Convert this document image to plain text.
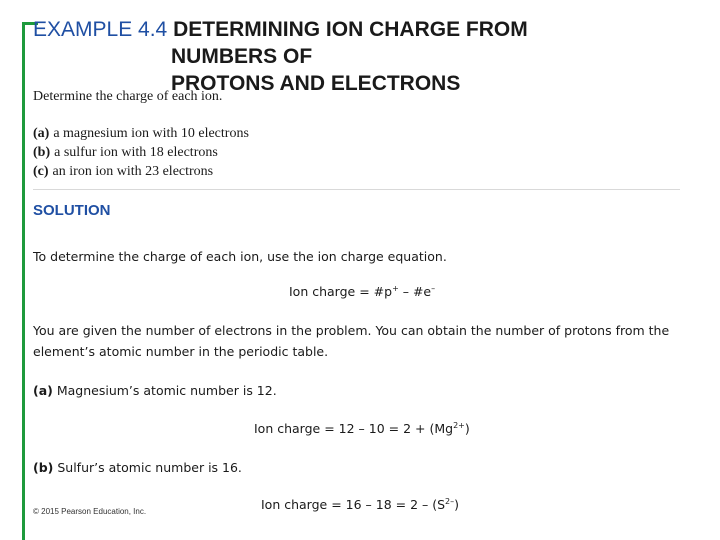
EXAMPLE 4.4 DETERMINING ION CHARGE FROM
NUMBERS OF
PROTONS AND ELECTRONS
Determine the charge of each ion.
(a) a magnesium ion with 10 electrons
(b) a sulfur ion with 18 electrons
(c) an iron ion with 23 electrons
SOLUTION
To determine the charge of each ion, use the ion charge equation.
Ion charge = #p+ – #e–
You are given the number of electrons in the problem. You can obtain the number of protons from the element’s atomic number in the periodic table.
(a) Magnesium’s atomic number is 12.
Ion charge = $12 - 10 = 2 + (Mg^{2+})$
(b) Sulfur’s atomic number is 16.
© 2015 Pearson Education, Inc.	Ion charge = $16 - 18 = 2 - (S^{2-})$
